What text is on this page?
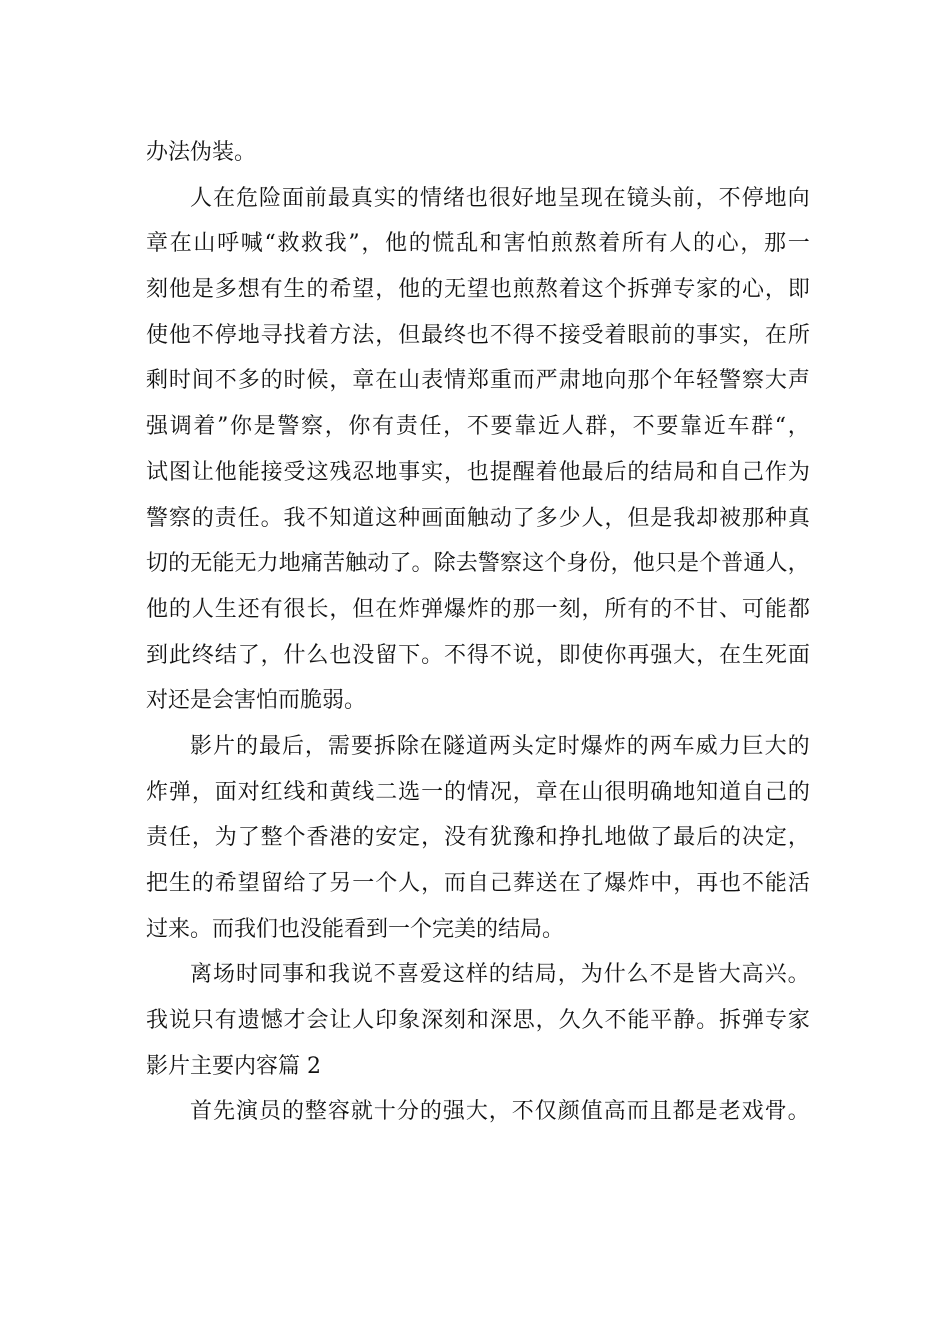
办法伪装。
人 在 危 险 面 前 最 真 实 的 情 绪 也 很 好 地 呈 现 在 镜 头 前 ， 不 停 地 向
章 在 山 呼 喊 “ 救 救 我 ” ， 他 的 慌 乱 和 害 怕 煎 熬 着 所 有 人 的 心 ， 那 一
刻 他 是 多 想 有 生 的 希 望 ， 他 的 无 望 也 煎 熬 着 这 个 拆 弹 专 家 的 心 ， 即
使 他 不 停 地 寻 找 着 方 法 ， 但 最 终 也 不 得 不 接 受 着 眼 前 的 事 实 ， 在 所
剩 时 间 不 多 的 时 候 ， 章 在 山 表 情 郑 重 而 严 肃 地 向 那 个 年 轻 警 察 大 声
强 调 着 ” 你 是 警 察 ， 你 有 责 任 ， 不 要 靠 近 人 群 ， 不 要 靠 近 车 群 “ ，
试 图 让 他 能 接 受 这 残 忍 地 事 实 ， 也 提 醒 着 他 最 后 的 结 局 和 自 己 作 为
警 察 的 责 任 。 我 不 知 道 这 种 画 面 触 动 了 多 少 人 ， 但 是 我 却 被 那 种 真
切 的 无 能 无 力 地 痛 苦 触 动 了 。 除 去 警 察 这 个 身 份 ， 他 只 是 个 普 通 人 ，
他 的 人 生 还 有 很 长 ， 但 在 炸 弹 爆 炸 的 那 一 刻 ， 所 有 的 不 甘 、 可 能 都
到 此 终 结 了 ， 什 么 也 没 留 下 。 不 得 不 说 ， 即 使 你 再 强 大 ， 在 生 死 面
对还是会害怕而脆弱。
影 片 的 最 后 ， 需 要 拆 除 在 隧 道 两 头 定 时 爆 炸 的 两 车 威 力 巨 大 的
炸 弹 ， 面 对 红 线 和 黄 线 二 选 一 的 情 况 ， 章 在 山 很 明 确 地 知 道 自 己 的
责 任 ， 为 了 整 个 香 港 的 安 定 ， 没 有 犹 豫 和 挣 扎 地 做 了 最 后 的 决 定 ，
把 生 的 希 望 留 给 了 另 一 个 人 ， 而 自 己 葬 送 在 了 爆 炸 中 ， 再 也 不 能 活
过来。而我们也没能看到一个完美的结局。
离 场 时 同 事 和 我 说 不 喜 爱 这 样 的 结 局 ， 为 什 么 不 是 皆 大 高 兴 。
我 说 只 有 遗 憾 才 会 让 人 印 象 深 刻 和 深 思 ， 久 久 不 能 平 静 。 拆 弹 专 家
影片主要内容篇 2
首 先 演 员 的 整 容 就 十 分 的 强 大 ， 不 仅 颜 值 高 而 且 都 是 老 戏 骨 。
